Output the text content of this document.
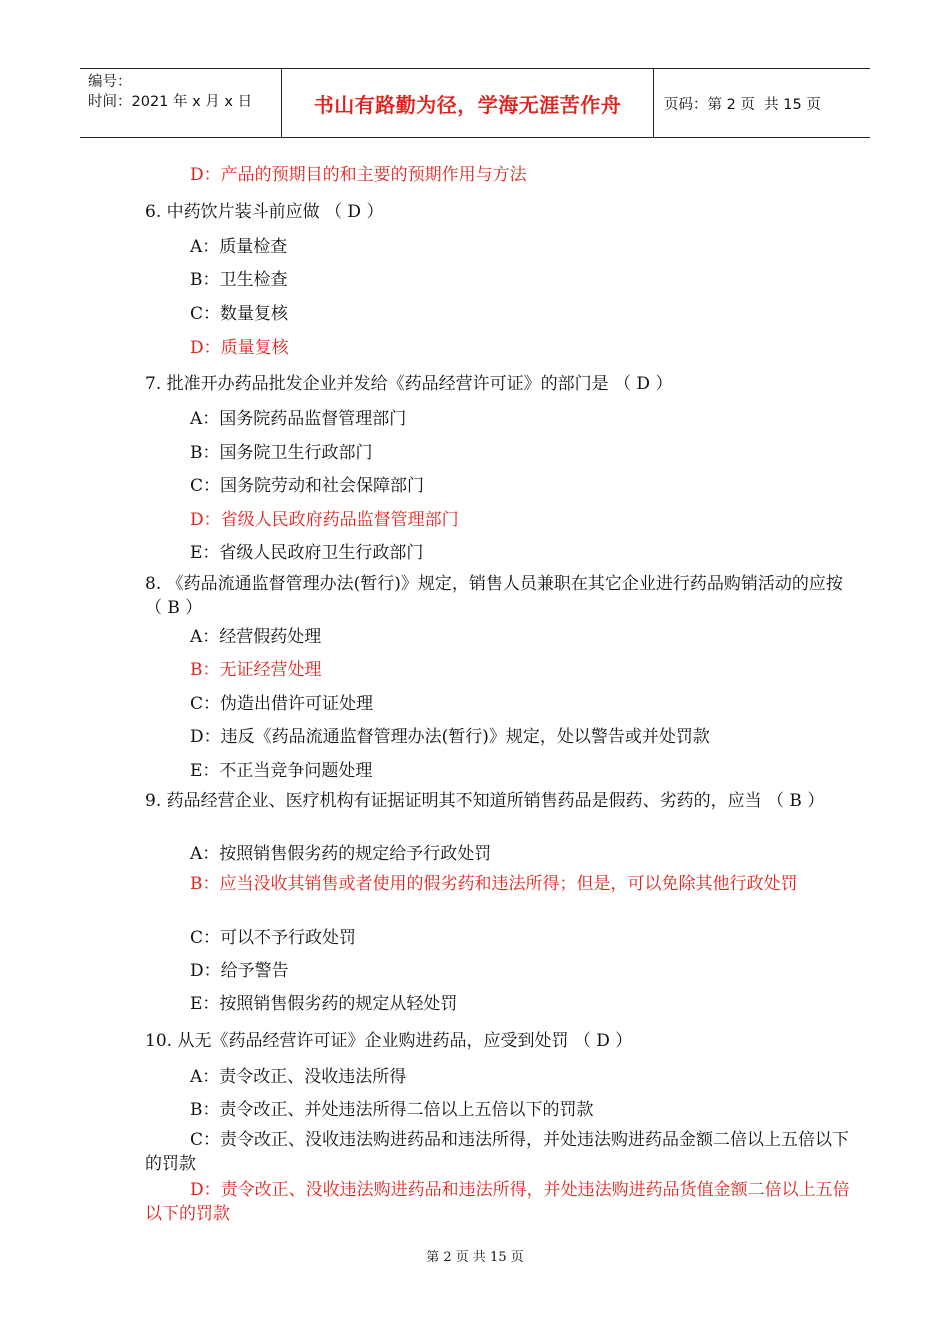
编号：
时间：2021 年 x 月 x 日	书山有路勤为径，学海无涯苦作舟	页码：第 2 页  共 15 页
D：产品的预期目的和主要的预期作用与方法
6. 中药饮片装斗前应做 （ D ）
A：质量检查
B：卫生检查
C：数量复核
D：质量复核
7. 批准开办药品批发企业并发给《药品经营许可证》的部门是 （ D ）
A：国务院药品监督管理部门
B：国务院卫生行政部门
C：国务院劳动和社会保障部门
D：省级人民政府药品监督管理部门
E：省级人民政府卫生行政部门
8. 《药品流通监督管理办法(暂行)》规定，销售人员兼职在其它企业进行药品购销活动的应按 （ B ）
A：经营假药处理
B：无证经营处理
C：伪造出借许可证处理
D：违反《药品流通监督管理办法(暂行)》规定，处以警告或并处罚款
E：不正当竞争问题处理
9. 药品经营企业、医疗机构有证据证明其不知道所销售药品是假药、劣药的，应当 （ B ）
A：按照销售假劣药的规定给予行政处罚
B：应当没收其销售或者使用的假劣药和违法所得；但是，可以免除其他行政处罚
C：可以不予行政处罚
D：给予警告
E：按照销售假劣药的规定从轻处罚
10. 从无《药品经营许可证》企业购进药品，应受到处罚 （ D ）
A：责令改正、没收违法所得
B：责令改正、并处违法所得二倍以上五倍以下的罚款
C：责令改正、没收违法购进药品和违法所得，并处违法购进药品金额二倍以上五倍以下的罚款
D：责令改正、没收违法购进药品和违法所得，并处违法购进药品货值金额二倍以上五倍以下的罚款
第 2 页 共 15 页
